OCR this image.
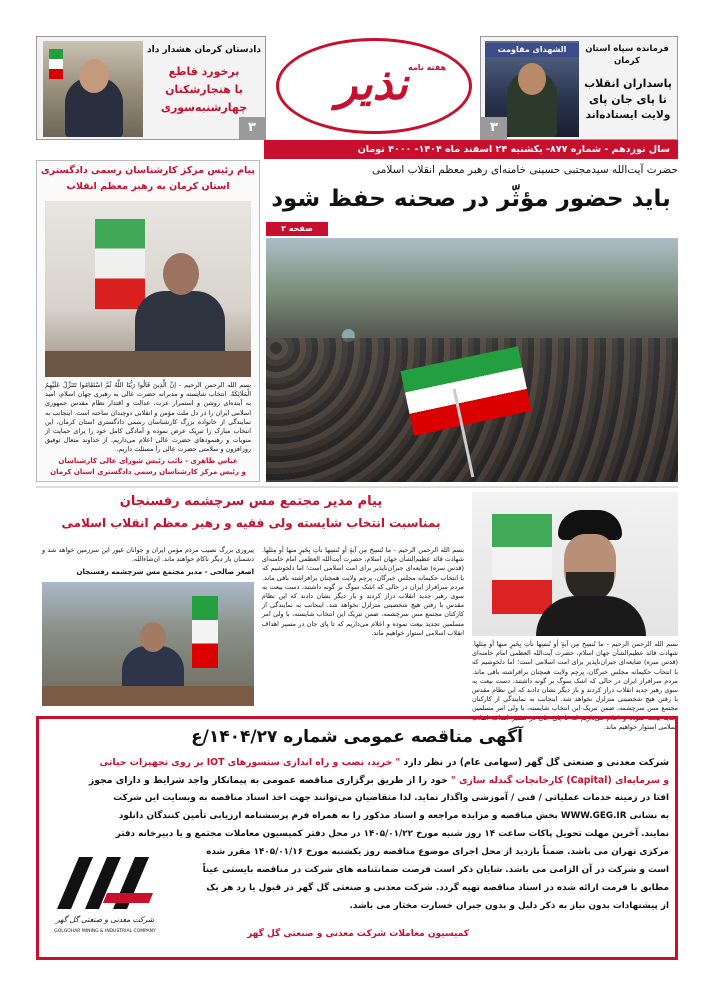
الشهداى مقاومت	فرمانده سپاه استان کرمان
پاسداران انقلاب
تا پای جان پای
ولایت ایستاده‌اند
۳
دادستان کرمان هشدار داد
برخورد قاطع
با هنجارشکنان
چهارشنبه‌سوری
۳
هفته نامه
نذیر
سال نوزدهم - شماره ۸۷۷- یکشنبه ۲۴ اسفند ماه ۱۴۰۴- ۴۰۰۰ تومان
پیام رئیس مرکز کارشناسان رسمی دادگستری
استان کرمان به رهبر معظم انقلاب
بسم الله الرحمن الرحیم - إنَّ الَّذِینَ قَالُوا رَبُّنَا اللَّهُ ثُمَّ اسْتَقَامُوا تَتَنَزَّلُ عَلَیْهِمُ الْمَلَائِکَةُ. انتخاب شایسته و مدبرانه حضرت عالی به رهبری جهان اسلام، امید به آینده‌ای روشن و استمرار عزت، عدالت و اقتدار نظام مقدس جمهوری اسلامی ایران را در دل ملت مؤمن و انقلابی دوچندان ساخته است. اینجانب به نمایندگی از خانواده بزرگ کارشناسان رسمی دادگستری استان کرمان، این انتخاب مبارک را تبریک عرض نموده و آمادگی کامل خود را برای حمایت از منویات و رهنمودهای حضرت عالی اعلام می‌داریم. از خداوند متعال توفیق روزافزون و سلامتی حضرت عالی را مسئلت داریم.
عباس ظاهری - نائب رئیس شورای عالی کارشناسان
و رئیس مرکز کارشناسان رسمی دادگستری استان کرمان
حضرت آیت‌الله سیدمجتبی حسینی خامنه‌ای رهبر معظم انقلاب اسلامی
باید حضور مؤثّر در صحنه حفظ شود
صفحه ۲
پیام مدیر مجتمع مس سرچشمه رفسنجان
بمناسبت انتخاب شایسته ولی فقیه و رهبر معظم انقلاب اسلامی
بسم الله الرحمن الرحیم - ما نُنسِخ مِن آیةٍ أو نُنسِها نأتِ بِخَیرٍ منها أو مِثلها. شهادت قائد عظیم‌الشأن جهان اسلام، حضرت آیت‌الله العظمی امام خامنه‌ای (قدس سره) ضایعه‌ای جبران‌ناپذیر برای امت اسلامی است؛ اما دلخوشیم که با انتخاب حکیمانه مجلس خبرگان، پرچم ولایت همچنان برافراشته باقی ماند. مردم سرافراز ایران در حالی که اشک سوگ بر گونه داشتند، دست بیعت به سوی رهبر جدید انقلاب دراز کردند و بار دیگر نشان دادند که این نظام مقدس با رفتن هیچ شخصیتی متزلزل نخواهد شد. اینجانب به نمایندگی از کارکنان مجتمع مس سرچشمه، ضمن تبریک این انتخاب شایسته، با ولی امر مسلمین تجدید بیعت نموده و اعلام می‌داریم که تا پای جان در مسیر اهداف انقلاب اسلامی استوار خواهیم ماند.
بسم الله الرحمن الرحیم - ما نُنسِخ مِن آیةٍ أو نُنسِها نأتِ بِخَیرٍ منها أو مِثلها. شهادت قائد عظیم‌الشأن جهان اسلام، حضرت آیت‌الله العظمی امام خامنه‌ای (قدس سره) ضایعه‌ای جبران‌ناپذیر برای امت اسلامی است؛ اما دلخوشیم که با انتخاب حکیمانه مجلس خبرگان، پرچم ولایت همچنان برافراشته باقی ماند. مردم سرافراز ایران در حالی که اشک سوگ بر گونه داشتند، دست بیعت به سوی رهبر جدید انقلاب دراز کردند و بار دیگر نشان دادند که این نظام مقدس با رفتن هیچ شخصیتی متزلزل نخواهد شد. اینجانب به نمایندگی از کارکنان مجتمع مس سرچشمه، ضمن تبریک این انتخاب شایسته، با ولی امر مسلمین تجدید بیعت نموده و اعلام می‌داریم که تا پای جان در مسیر اهداف انقلاب اسلامی استوار خواهیم ماند.
پیروزی بزرگ نصیب مردم مؤمن ایران و جوانان غیور این سرزمین خواهد شد و دشمنان بار دیگر ناکام خواهند ماند. ان‌شاءالله.
اصغر صالحی - مدیر مجتمع مس سرچشمه رفسنجان
آگهی مناقصه عمومی شماره ۱۴۰۴/۲۷/ع
شرکت معدنی و صنعتی گل گهر (سهامی عام) در نظر دارد " خرید، نصب و راه اندازی سنسورهای IOT بر روی تجهیزات حیاتی
و سرمایه‌ای (Capital) کارخانجات گندله سازی " خود را از طریق برگزاری مناقصه عمومی به پیمانکار واجد شرایط و دارای مجوز
افتا در زمینه خدمات عملیاتی / فنی / آموزشی واگذار نماید. لذا متقاضیان می‌توانند جهت اخذ اسناد مناقصه به وبسایت این شرکت
به نشانی WWW.GEG.IR بخش مناقصه و مزایده مراجعه و اسناد مذکور را به همراه فرم پرسشنامه ارزیابی تأمین کنندگان دانلود
نمایند. آخرین مهلت تحویل پاکات ساعت ۱۴ روز شنبه مورخ ۱۴۰۵/۰۱/۲۲ در محل دفتر کمیسیون معاملات مجتمع و یا دبیرخانه دفتر
مرکزی تهران می باشد. ضمناً بازدید از محل اجرای موضوع مناقصه روز یکشنبه مورخ ۱۴۰۵/۰۱/۱۶ مقرر شده
است و شرکت در آن الزامی می باشد. شایان ذکر است فرصت ضمانتنامه های شرکت در مناقصه بایستی عیناً
مطابق با فرمت ارائه شده در اسناد مناقصه تهیه گردد. شرکت معدنی و صنعتی گل گهر در قبول یا رد هر یک
از پیشنهادات بدون نیاز به ذکر دلیل و بدون جبران خسارت مختار می باشد.
کمیسیون معاملات شرکت معدنی و صنعتی گل گهر
شرکت معدنی و صنعتی گل گهر
GOLGOHAR MINING & INDUSTRIAL COMPANY
